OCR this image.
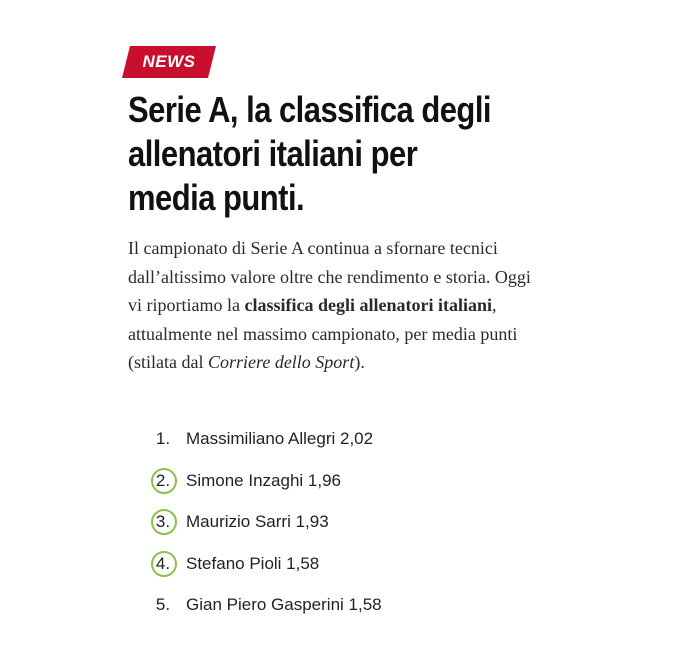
NEWS
Serie A, la classifica degli allenatori italiani per media punti.

Il campionato di Serie A continua a sfornare tecnici dall’altissimo valore oltre che rendimento e storia. Oggi vi riportiamo la classifica degli allenatori italiani, attualmente nel massimo campionato, per media punti (stilata dal Corriere dello Sport).

1. Massimiliano Allegri 2,02
2. Simone Inzaghi 1,96
3. Maurizio Sarri 1,93
4. Stefano Pioli 1,58
5. Gian Piero Gasperini 1,58
